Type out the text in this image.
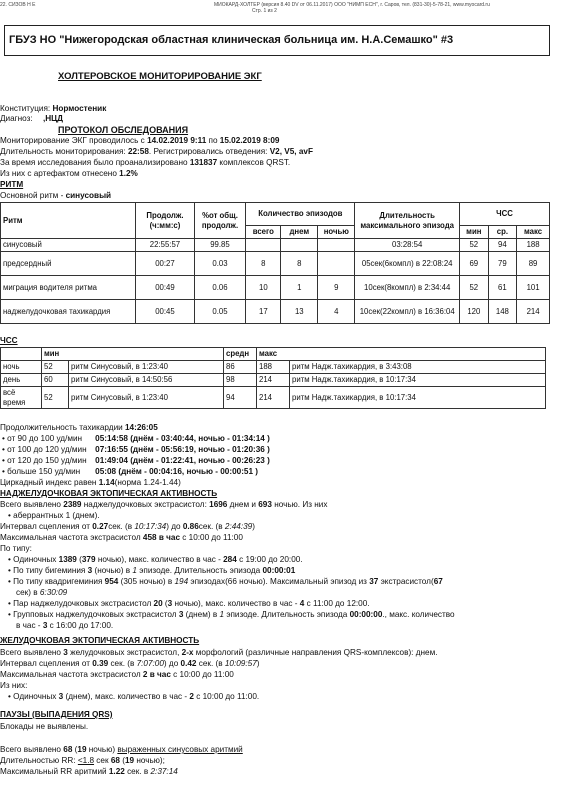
22. СИЗОВ Н Е	МИОКАРД-ХОЛТЕР (версия 8.40 DV от 06.11.2017) ООО "НИМП ЕСН", г. Саров, тел. (831-30)-5-78-21, www.myocard.ru
Стр. 1 из 2
ГБУЗ НО "Нижегородская областная клиническая больница им. Н.А.Семашко" #3
ХОЛТЕРОВСКОЕ МОНИТОРИРОВАНИЕ ЭКГ
Конституция: Нормостеник
Диагноз: ,НЦД
ПРОТОКОЛ ОБСЛЕДОВАНИЯ
Мониторирование ЭКГ проводилось с 14.02.2019 9:11 по 15.02.2019 8:09
Длительность мониторирования: 22:58. Регистрировались отведения: V2, V5, avF
За время исследования было проанализировано 131837 комплексов QRST.
Из них с артефактом отнесено 1.2%
РИТМ
Основной ритм - синусовый
Ритм	Продолж. (ч:мм:с)	%от общ. продолж.	Количество эпизодов			Длительность максимального эпизода	ЧСС		
			всего	днем	ночью		мин	ср.	макс
синусовый	22:55:57	99.85				03:28:54	52	94	188
предсердный	00:27	0.03	8	8		05сек(6компл) в 22:08:24	69	79	89
миграция водителя ритма	00:49	0.06	10	1	9	10сек(8компл) в 2:34:44	52	61	101
наджелудочковая тахикардия	00:45	0.05	17	13	4	10сек(22компл) в 16:36:04	120	148	214
ЧСС
	мин		средн	макс	
ночь	52	ритм Синусовый, в 1:23:40	86	188	ритм Надж.тахикардия, в 3:43:08
день	60	ритм Синусовый, в 14:50:56	98	214	ритм Надж.тахикардия, в 10:17:34
всё время	52	ритм Синусовый, в 1:23:40	94	214	ритм Надж.тахикардия, в 10:17:34
Продолжительность тахикардии 14:26:05
• от 90 до 100 уд/мин 05:14:58 (днём - 03:40:44, ночью - 01:34:14 )
• от 100 до 120 уд/мин 07:16:55 (днём - 05:56:19, ночью - 01:20:36 )
• от 120 до 150 уд/мин 01:49:04 (днём - 01:22:41, ночью - 00:26:23 )
• больше 150 уд/мин 05:08 (днём - 00:04:16, ночью - 00:00:51 )
Циркадный индекс равен 1.14(норма 1.24-1.44)
НАДЖЕЛУДОЧКОВАЯ ЭКТОПИЧЕСКАЯ АКТИВНОСТЬ
Всего выявлено 2389 наджелудочковых экстрасистол: 1696 днем и 693 ночью. Из них
• аберрантных 1 (днем).
Интервал сцепления от 0.27сек. (в 10:17:34) до 0.86сек. (в 2:44:39)
Максимальная частота экстрасистол 458 в час с 10:00 до 11:00
По типу:
• Одиночных 1389 (379 ночью), макс. количество в час - 284 с 19:00 до 20:00.
• По типу бигеминия 3 (ночью) в 1 эпизоде. Длительность эпизода 00:00:01
• По типу квадригеминия 954 (305 ночью) в 194 эпизодах(66 ночью). Максимальный эпизод из 37 экстрасистол(67
сек) в 6:30:09
• Пар наджелудочковых экстрасистол 20 (3 ночью), макс. количество в час - 4 с 11:00 до 12:00.
• Групповых наджелудочковых экстрасистол 3 (днем) в 1 эпизоде. Длительность эпизода 00:00:00., макс. количество
в час - 3 с 16:00 до 17:00.
ЖЕЛУДОЧКОВАЯ ЭКТОПИЧЕСКАЯ АКТИВНОСТЬ
Всего выявлено 3 желудочковых экстрасистол, 2-х морфологий (различные направления QRS-комплексов): днем.
Интервал сцепления от 0.39 сек. (в 7:07:00) до 0.42 сек. (в 10:09:57)
Максимальная частота экстрасистол 2 в час с 10:00 до 11:00
Из них:
• Одиночных 3 (днем), макс. количество в час - 2 с 10:00 до 11:00.
ПАУЗЫ (ВЫПАДЕНИЯ QRS)
Блокады не выявлены.
Всего выявлено 68 (19 ночью) выраженных синусовых аритмий
Длительностью RR: <1.8 сек 68 (19 ночью);
Максимальный RR аритмий 1.22 сек. в 2:37:14
